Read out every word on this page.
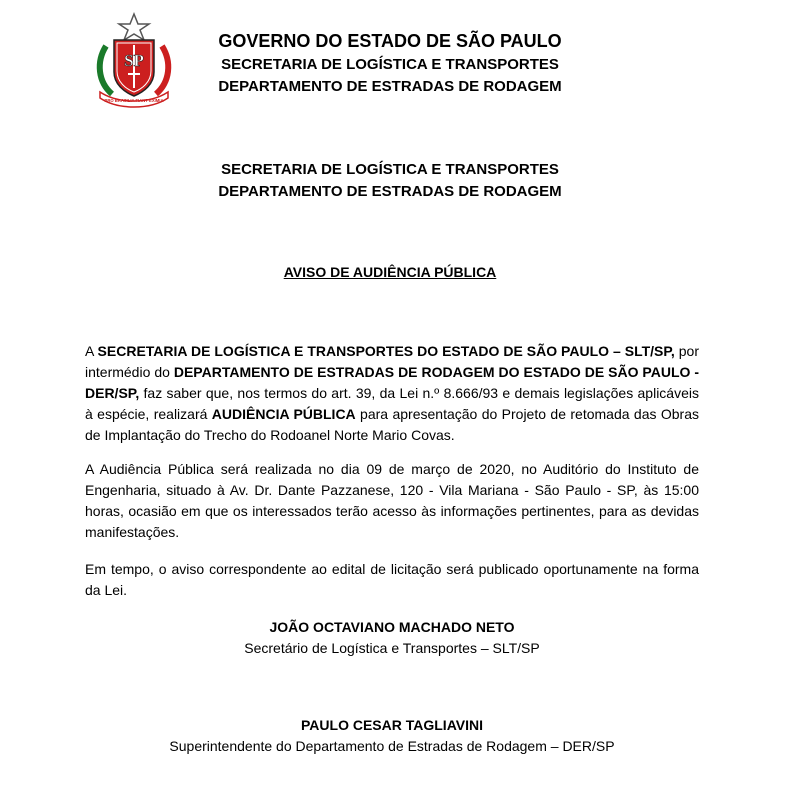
SP
PRO BRASILIA FIANT EXIMIA
GOVERNO DO ESTADO DE SÃO PAULO
SECRETARIA DE LOGÍSTICA E TRANSPORTES
DEPARTAMENTO DE ESTRADAS DE RODAGEM
SECRETARIA DE LOGÍSTICA E TRANSPORTES
DEPARTAMENTO DE ESTRADAS DE RODAGEM
AVISO DE AUDIÊNCIA PÚBLICA

A SECRETARIA DE LOGÍSTICA E TRANSPORTES DO ESTADO DE SÃO PAULO – SLT/SP, por intermédio do DEPARTAMENTO DE ESTRADAS DE RODAGEM DO ESTADO DE SÃO PAULO - DER/SP, faz saber que, nos termos do art. 39, da Lei n.º 8.666/93 e demais legislações aplicáveis à espécie, realizará AUDIÊNCIA PÚBLICA para apresentação do Projeto de retomada das Obras de Implantação do Trecho do Rodoanel Norte Mario Covas.

A Audiência Pública será realizada no dia 09 de março de 2020, no Auditório do Instituto de Engenharia, situado à Av. Dr. Dante Pazzanese, 120 - Vila Mariana - São Paulo - SP, às 15:00 horas, ocasião em que os interessados terão acesso às informações pertinentes, para as devidas manifestações.

Em tempo, o aviso correspondente ao edital de licitação será publicado oportunamente na forma da Lei.

JOÃO OCTAVIANO MACHADO NETO
Secretário de Logística e Transportes – SLT/SP
PAULO CESAR TAGLIAVINI
Superintendente do Departamento de Estradas de Rodagem – DER/SP
